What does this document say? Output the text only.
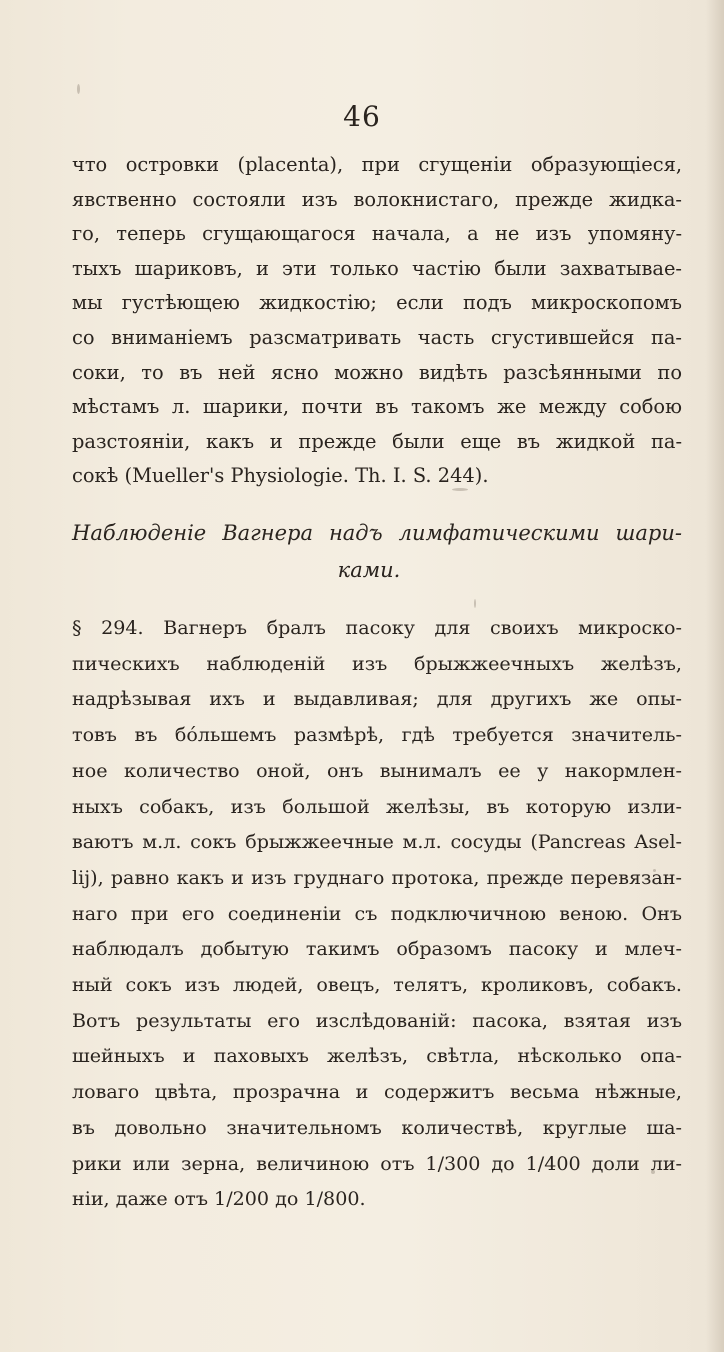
46
что островки (placenta), при сгущеніи образующіеся,
явственно состояли изъ волокнистаго, прежде жидка-
го, теперь сгущающагося начала, а не изъ упомяну-
тыхъ шариковъ, и эти только частію были захватывае-
мы густѣющею жидкостію; если подъ микроскопомъ
со вниманіемъ разсматривать часть сгустившейся па-
соки, то въ ней ясно можно видѣть разсѣянными по
мѣстамъ л. шарики, почти въ такомъ же между собою
разстояніи, какъ и прежде были еще въ жидкой па-
сокѣ (Mueller's Physiologie. Th. I. S. 244).
Наблюденіе Вагнера надъ лимфатическими шари-
ками.
§ 294. Вагнеръ бралъ пасоку для своихъ микроско-
пическихъ наблюденій изъ брыжжеечныхъ желѣзъ,
надрѣзывая ихъ и выдавливая; для другихъ же опы-
товъ въ бóльшемъ размѣрѣ, гдѣ требуется значитель-
ное количество оной, онъ вынималъ ее у накормлен-
ныхъ собакъ, изъ большой желѣзы, въ которую изли-
ваютъ м.л. сокъ брыжжеечные м.л. сосуды (Pancreas Asel-
lij), равно какъ и изъ груднаго протока, прежде перевязан-
наго при его соединеніи съ подключичною веною. Онъ
наблюдалъ добытую такимъ образомъ пасоку и млеч-
ный сокъ изъ людей, овецъ, телятъ, кроликовъ, собакъ.
Вотъ результаты его изслѣдованій: пасока, взятая изъ
шейныхъ и паховыхъ желѣзъ, свѣтла, нѣсколько опа-
ловаго цвѣта, прозрачна и содержитъ весьма нѣжные,
въ довольно значительномъ количествѣ, круглые ша-
рики или зерна, величиною отъ 1/300 до 1/400 доли ли-
ніи, даже отъ 1/200 до 1/800.
